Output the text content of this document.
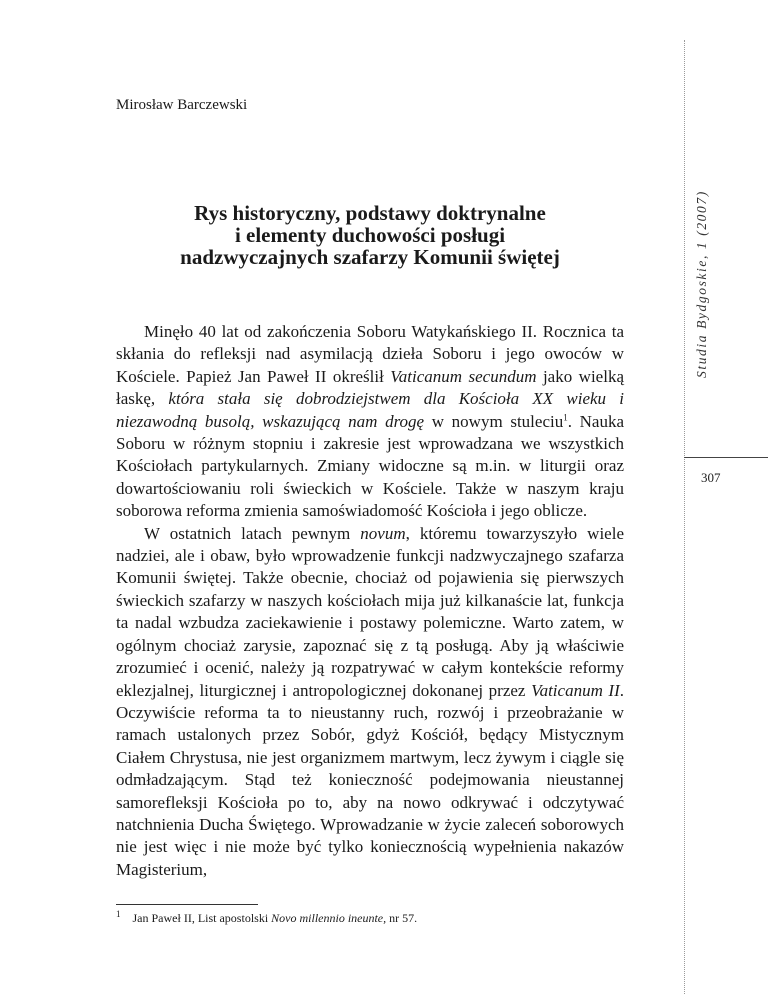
Studia Bydgoskie, 1 (2007)
307
Mirosław Barczewski
Rys historyczny, podstawy doktrynalne
i elementy duchowości posługi
nadzwyczajnych szafarzy Komunii świętej

Minęło 40 lat od zakończenia Soboru Watykańskiego II. Rocznica ta skłania do refleksji nad asymilacją dzieła Soboru i jego owoców w Kościele. Papież Jan Paweł II określił Vaticanum secundum jako wielką łaskę, która stała się dobrodziejstwem dla Kościoła XX wieku i niezawodną busolą, wskazującą nam drogę w nowym stuleciu$^1$. Nauka Soboru w różnym stopniu i zakresie jest wprowadzana we wszystkich Kościołach partykularnych. Zmiany widoczne są m.in. w liturgii oraz dowartościowaniu roli świeckich w Kościele. Także w naszym kraju soborowa reforma zmienia samoświadomość Kościoła i jego oblicze.

W ostatnich latach pewnym novum, któremu towarzyszyło wiele nadziei, ale i obaw, było wprowadzenie funkcji nadzwyczajnego szafarza Komunii świętej. Także obecnie, chociaż od pojawienia się pierwszych świeckich szafarzy w naszych kościołach mija już kilkanaście lat, funkcja ta nadal wzbudza zaciekawienie i postawy polemiczne. Warto zatem, w ogólnym chociaż zarysie, zapoznać się z tą posługą. Aby ją właściwie zrozumieć i ocenić, należy ją rozpatrywać w całym kontekście reformy eklezjalnej, liturgicznej i antropologicznej dokonanej przez Vaticanum II. Oczywiście reforma ta to nieustanny ruch, rozwój i przeobrażanie w ramach ustalonych przez Sobór, gdyż Kościół, będący Mistycznym Ciałem Chrystusa, nie jest organizmem martwym, lecz żywym i ciągle się odmładzającym. Stąd też konieczność podejmowania nieustannej samorefleksji Kościoła po to, aby na nowo odkrywać i odczytywać natchnienia Ducha Świętego. Wprowadzanie w życie zaleceń soborowych nie jest więc i nie może być tylko koniecznością wypełnienia nakazów Magisterium,

$^1$ Jan Paweł II, List apostolski Novo millennio ineunte, nr 57.
